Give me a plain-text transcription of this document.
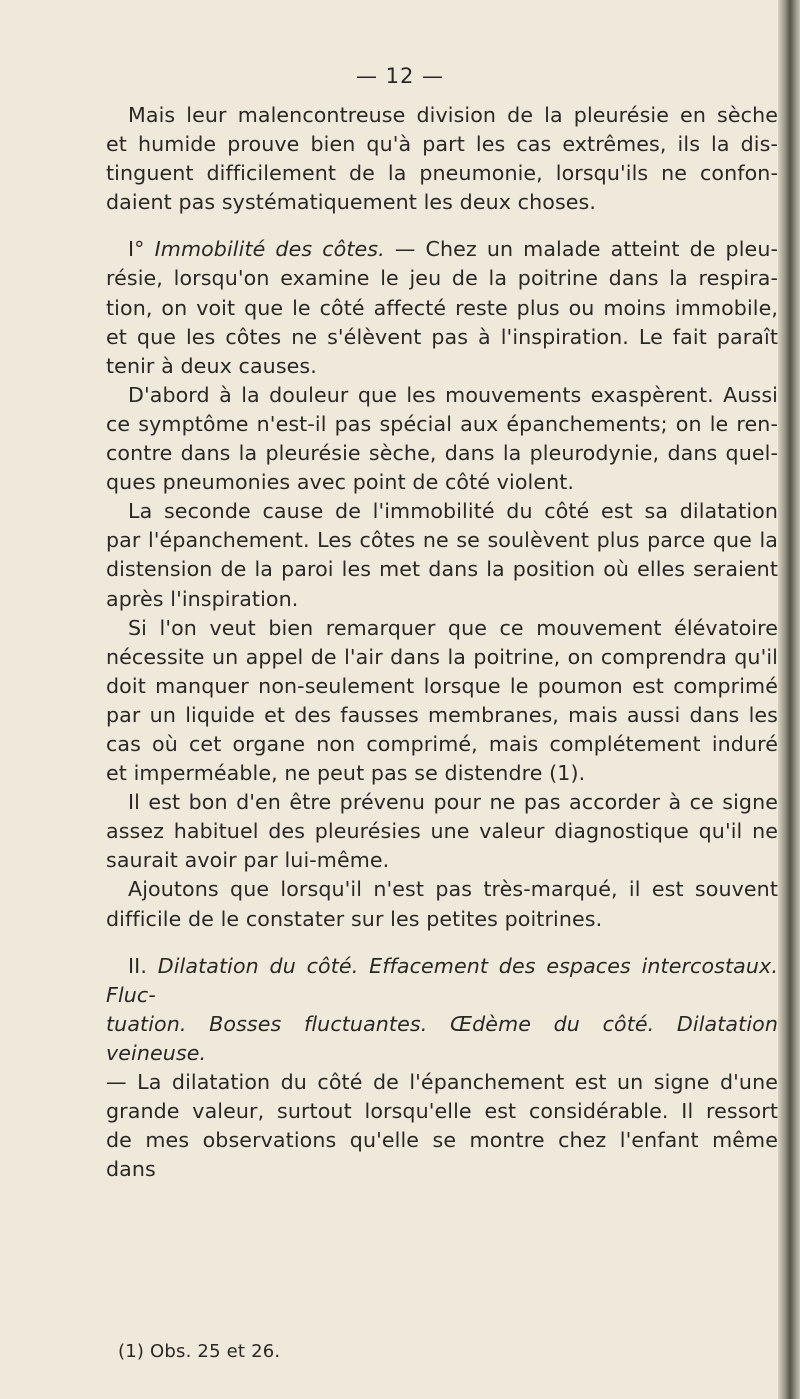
— 12 —

Mais leur malencontreuse division de la pleurésie en sèche

et humide prouve bien qu'à part les cas extrêmes, ils la dis-

tinguent difficilement de la pneumonie, lorsqu'ils ne confon-

daient pas systématiquement les deux choses.

I° Immobilité des côtes. — Chez un malade atteint de pleu-

résie, lorsqu'on examine le jeu de la poitrine dans la respira-

tion, on voit que le côté affecté reste plus ou moins immobile,

et que les côtes ne s'élèvent pas à l'inspiration. Le fait paraît

tenir à deux causes.

D'abord à la douleur que les mouvements exaspèrent. Aussi

ce symptôme n'est-il pas spécial aux épanchements; on le ren-

contre dans la pleurésie sèche, dans la pleurodynie, dans quel-

ques pneumonies avec point de côté violent.

La seconde cause de l'immobilité du côté est sa dilatation

par l'épanchement. Les côtes ne se soulèvent plus parce que la

distension de la paroi les met dans la position où elles seraient

après l'inspiration.

Si l'on veut bien remarquer que ce mouvement élévatoire

nécessite un appel de l'air dans la poitrine, on comprendra qu'il

doit manquer non-seulement lorsque le poumon est comprimé

par un liquide et des fausses membranes, mais aussi dans les

cas où cet organe non comprimé, mais complétement induré

et imperméable, ne peut pas se distendre (1).

Il est bon d'en être prévenu pour ne pas accorder à ce signe

assez habituel des pleurésies une valeur diagnostique qu'il ne

saurait avoir par lui-même.

Ajoutons que lorsqu'il n'est pas très-marqué, il est souvent

difficile de le constater sur les petites poitrines.

II. Dilatation du côté. Effacement des espaces intercostaux. Fluc-

tuation. Bosses fluctuantes. Œdème du côté. Dilatation veineuse.

— La dilatation du côté de l'épanchement est un signe d'une

grande valeur, surtout lorsqu'elle est considérable. Il ressort

de mes observations qu'elle se montre chez l'enfant même dans

(1) Obs. 25 et 26.
